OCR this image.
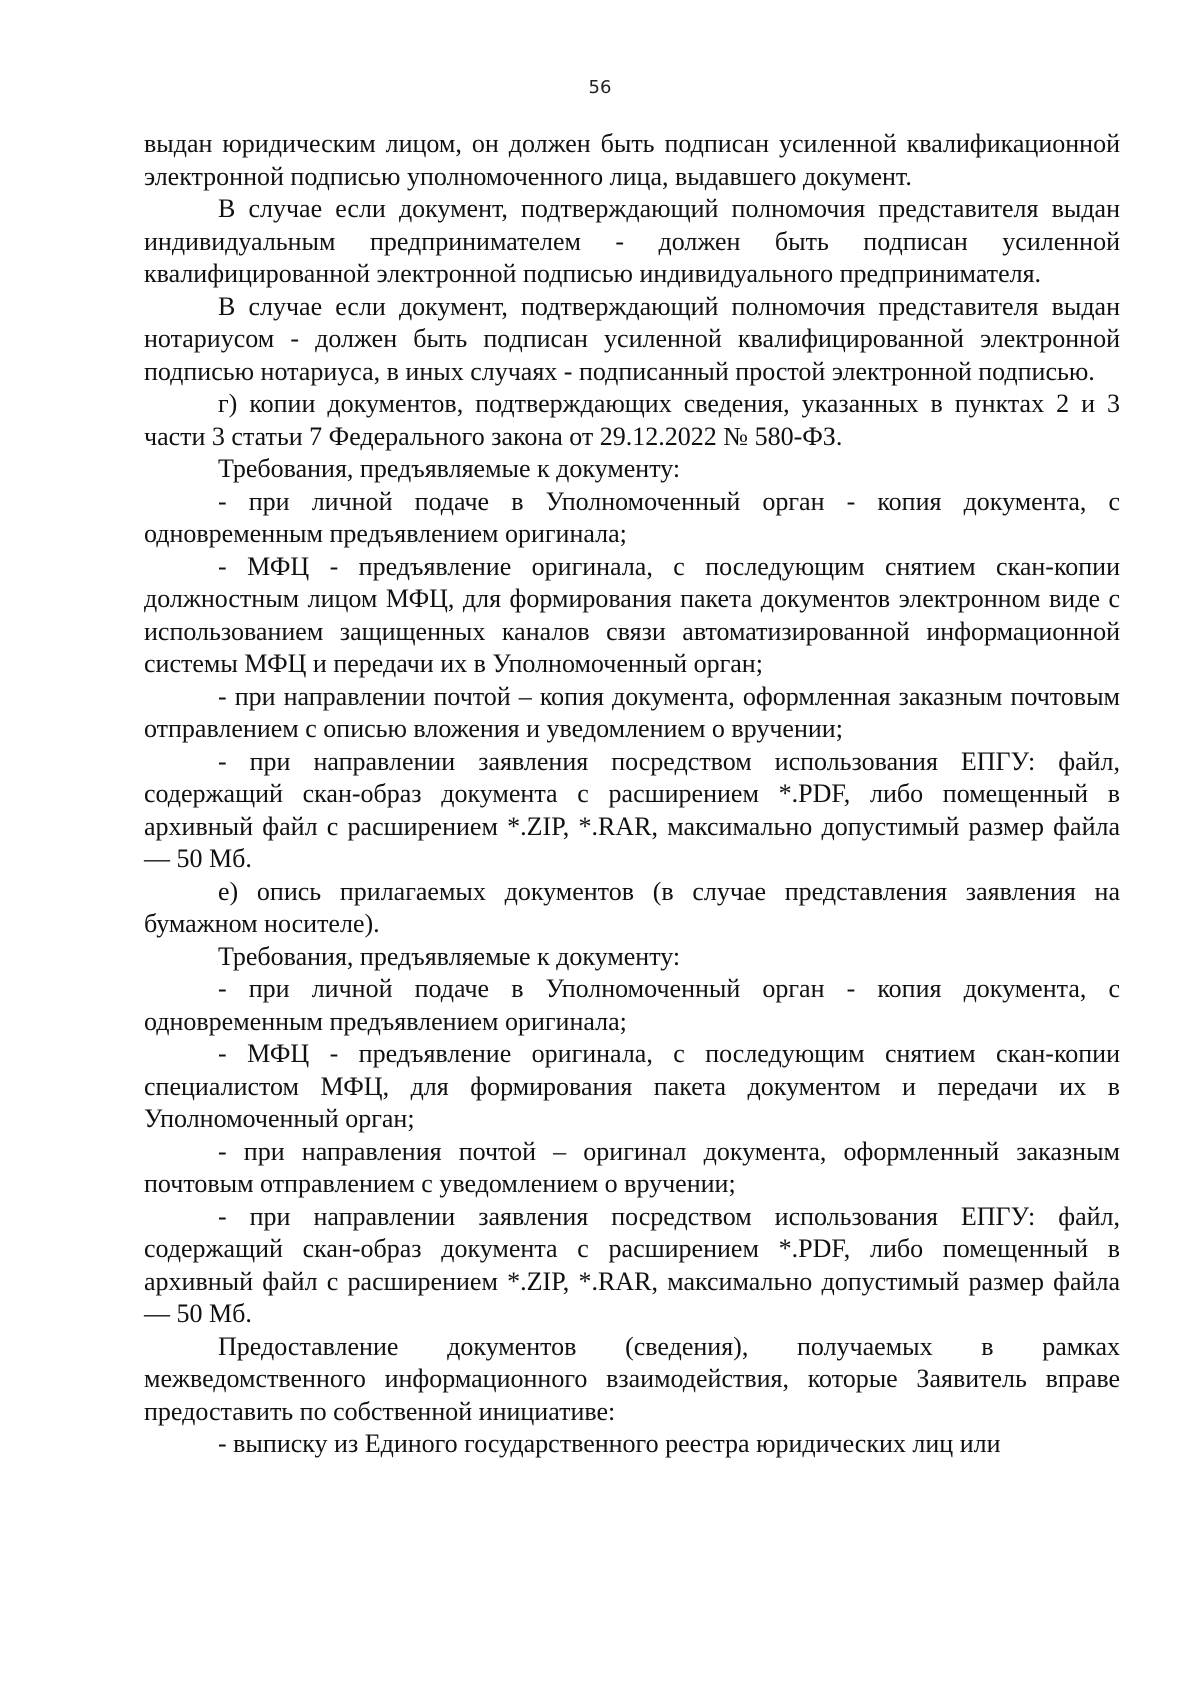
56

выдан юридическим лицом, он должен быть подписан усиленной квалификационной электронной подписью уполномоченного лица, выдавшего документ.

В случае если документ, подтверждающий полномочия представителя выдан индивидуальным предпринимателем - должен быть подписан усиленной квалифицированной электронной подписью индивидуального предпринимателя.

В случае если документ, подтверждающий полномочия представителя выдан нотариусом - должен быть подписан усиленной квалифицированной электронной подписью нотариуса, в иных случаях - подписанный простой электронной подписью.

г) копии документов, подтверждающих сведения, указанных в пунктах 2 и 3 части 3 статьи 7 Федерального закона от 29.12.2022 № 580-ФЗ.

Требования, предъявляемые к документу:

- при личной подаче в Уполномоченный орган - копия документа, с одновременным предъявлением оригинала;

- МФЦ - предъявление оригинала, с последующим снятием скан-копии должностным лицом МФЦ, для формирования пакета документов электронном виде с использованием защищенных каналов связи автоматизированной информационной системы МФЦ и передачи их в Уполномоченный орган;

- при направлении почтой – копия документа, оформленная заказным почтовым отправлением с описью вложения и уведомлением о вручении;

- при направлении заявления посредством использования ЕПГУ: файл, содержащий скан-образ документа с расширением *.PDF, либо помещенный в архивный файл с расширением *.ZIP, *.RAR, максимально допустимый размер файла — 50 Мб.

е) опись прилагаемых документов (в случае представления заявления на бумажном носителе).

Требования, предъявляемые к документу:

- при личной подаче в Уполномоченный орган - копия документа, с одновременным предъявлением оригинала;

- МФЦ - предъявление оригинала, с последующим снятием скан-копии специалистом МФЦ, для формирования пакета документом и передачи их в Уполномоченный орган;

- при направления почтой – оригинал документа, оформленный заказным почтовым отправлением с уведомлением о вручении;

- при направлении заявления посредством использования ЕПГУ: файл, содержащий скан-образ документа с расширением *.PDF, либо помещенный в архивный файл с расширением *.ZIP, *.RAR, максимально допустимый размер файла — 50 Мб.

Предоставление документов (сведения), получаемых в рамках межведомственного информационного взаимодействия, которые Заявитель вправе предоставить по собственной инициативе:

- выписку из Единого государственного реестра юридических лиц или
